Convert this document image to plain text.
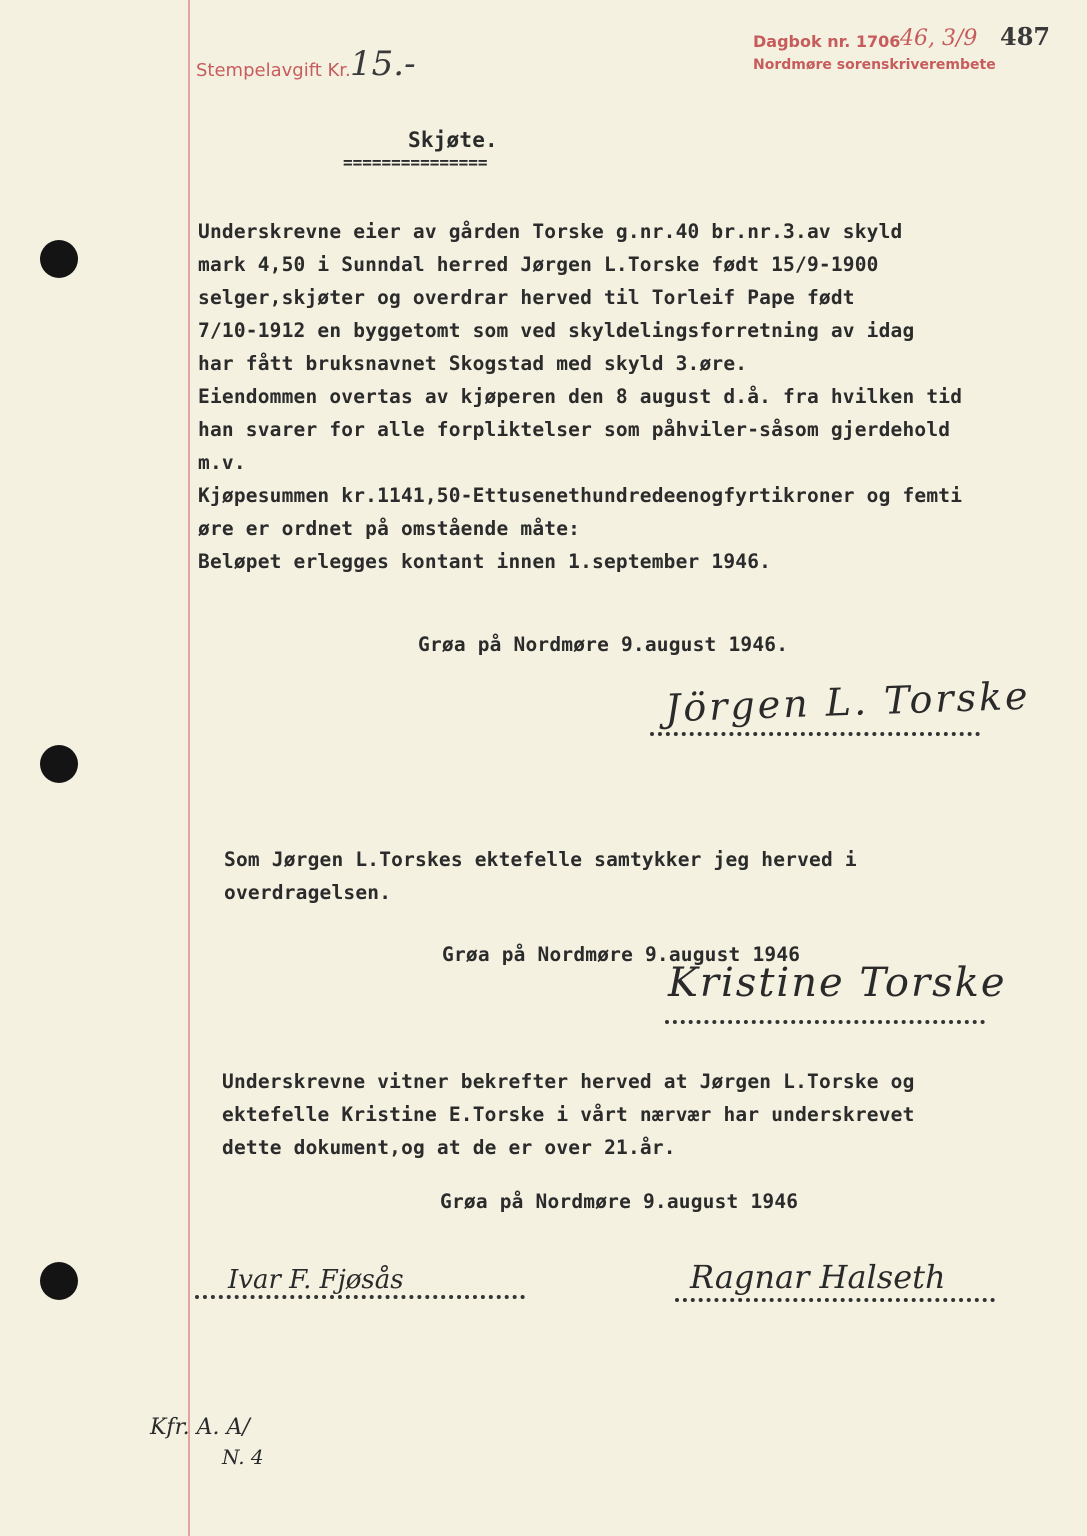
Stempelavgift Kr. 15.-
Dagbok nr. 1706 46, 3/9 487
Nordmøre sorenskriverembete
Skjøte.
===============
Underskrevne eier av gården Torske g.nr.40 br.nr.3.av skyld
mark 4,50 i Sunndal herred Jørgen L.Torske født 15/9-1900
selger,skjøter og overdrar herved til Torleif Pape født
7/10-1912 en byggetomt som ved skyldelingsforretning av idag
har fått bruksnavnet Skogstad med skyld 3.øre.
Eiendommen overtas av kjøperen den 8 august d.å. fra hvilken tid
han svarer for alle forpliktelser som påhviler-såsom gjerdehold
m.v.
Kjøpesummen kr.1141,50-Ettusenethundredeenogfyrtikroner og femti
øre er ordnet på omstående måte:
Beløpet erlegges kontant innen 1.september 1946.
Grøa på Nordmøre 9.august 1946.
Jörgen L. Torske
Som Jørgen L.Torskes ektefelle samtykker jeg herved i
overdragelsen.
Grøa på Nordmøre 9.august 1946
Kristine Torske
Underskrevne vitner bekrefter herved at Jørgen L.Torske og
ektefelle Kristine E.Torske i vårt nærvær har underskrevet
dette dokument,og at de er over 21.år.
Grøa på Nordmøre 9.august 1946
Ivar F. Fjøsås	Ragnar Halseth
Kfr. A. A/
N. 4
